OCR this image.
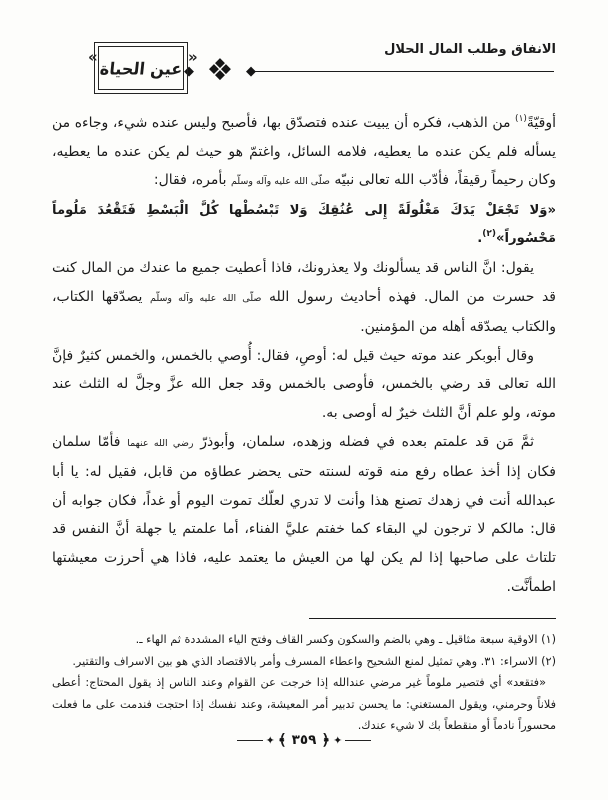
الانفاق وطلب المال الحلال
◆
❖
◆
«
عين الحياة
»

أوقيّةً$^{(١)}$ من الذهب، فكره أن يبيت عنده فتصدّق بها، فأصبح وليس عنده شيء، وجاءه من يسأله فلم يكن عنده ما يعطيه، فلامه السائل، واغتمّ هو حيث لم يكن عنده ما يعطيه، وكان رحيماً رقيقاً، فأدّب الله تعالى نبيّه صلّى الله عليه وآله وسلّم بأمره، فقال:

«وَلا تَجْعَلْ يَدَكَ مَغْلُولَةً إِلى عُنُقِكَ وَلا تَبْسُطْها كُلَّ الْبَسْطِ فَتَقْعُدَ مَلُوماً مَحْسُوراً»$^{(٢)}$.

يقول: انَّ الناس قد يسألونك ولا يعذرونك، فاذا أعطيت جميع ما عندك من المال كنت قد حسرت من المال. فهذه أحاديث رسول الله صلّى الله عليه وآله وسلّم يصدّقها الكتاب، والكتاب يصدّقه أهله من المؤمنين.

وقال أبوبكر عند موته حيث قيل له: أوصِ، فقال: أُوصي بالخمس، والخمس كثيرٌ فإنَّ الله تعالى قد رضي بالخمس، فأوصى بالخمس وقد جعل الله عزَّ وجلَّ له الثلث عند موته، ولو علم أنَّ الثلث خيرٌ له أوصى به.

ثمَّ مَن قد علمتم بعده في فضله وزهده، سلمان، وأبوذرّ رضي الله عنهما فأمّا سلمان فكان إذا أخذ عطاه رفع منه قوته لسنته حتى يحضر عطاؤه من قابل، فقيل له: يا أبا عبدالله أنت في زهدك تصنع هذا وأنت لا تدري لعلّك تموت اليوم أو غداً، فكان جوابه أن قال: مالكم لا ترجون لي البقاء كما خفتم عليَّ الفناء، أما علمتم يا جهلة أنَّ النفس قد تلتاث على صاحبها إذا لم يكن لها من العيش ما يعتمد عليه، فاذا هي أحرزت معيشتها اطمأنَّت.

(١) الاوقية سبعة مثاقيل ـ وهي بالضم والسكون وكسر القاف وفتح الياء المشددة ثم الهاء ـ.

(٢) الاسراء: ٣١. وهي تمثيل لمنع الشحيح واعطاء المسرف وأمر بالاقتصاد الذي هو بين الاسراف والتقتير.

«فتقعد» أي فتصير ملوماً غير مرضي عندالله إذا خرجت عن القوام وعند الناس إذ يقول المحتاج: أعطى فلاناً وحرمني، ويقول المستغني: ما يحسن تدبير أمر المعيشة، وعند نفسك إذا احتجت فندمت على ما فعلت محسوراً نادماً أو منقطعاً بك لا شيء عندك.

✦ ﴾ ٣٥٩ ﴿ ✦
